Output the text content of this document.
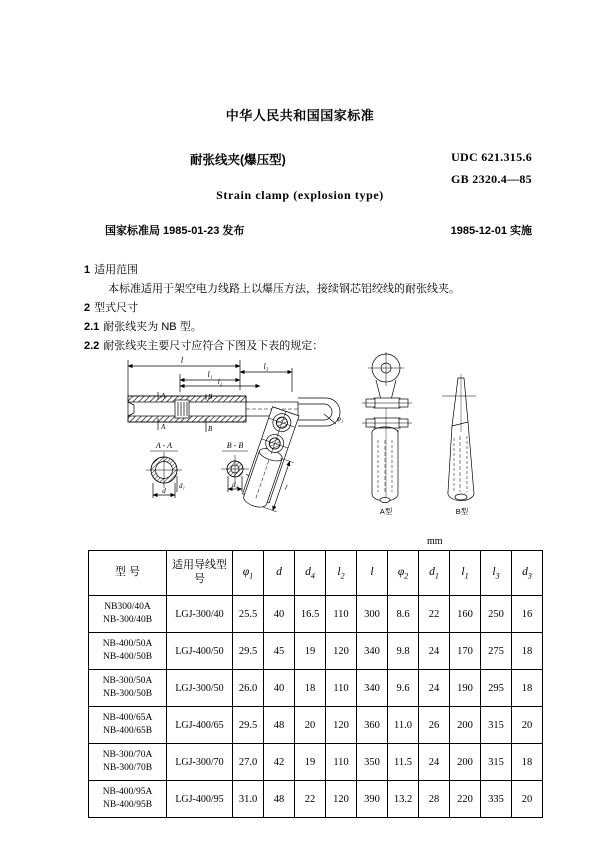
中华人民共和国国家标准
耐张线夹(爆压型)	UDC 621.315.6
GB 2320.4—85
Strain clamp (explosion type)
国家标准局 1985-01-23 发布	1985-12-01 实施
1 适用范围
本标准适用于架空电力线路上以爆压方法，接续钢芯铝绞线的耐张线夹。
2 型式尺寸
2.1 耐张线夹为 NB 型。
2.2 耐张线夹主要尺寸应符合下图及下表的规定：
l
l₃
l₁
l₂
A
A
B
B
φ₂
A - A
d₁
d
B - B
d₄	l
A型	B型
mm
型 号	适用导线型号	$\varphi_1$	d	$d_4$	$l_2$	l	$\varphi_2$	$d_1$	$l_1$	$l_3$	$d_3$
NB300/40A
NB-300/40B	LGJ-300/40	25.5	40	16.5	110	300	8.6	22	160	250	16
NB-400/50A
NB-400/50B	LGJ-400/50	29.5	45	19	120	340	9.8	24	170	275	18
NB-300/50A
NB-300/50B	LGJ-300/50	26.0	40	18	110	340	9.6	24	190	295	18
NB-400/65A
NB-400/65B	LGJ-400/65	29.5	48	20	120	360	11.0	26	200	315	20
NB-300/70A
NB-300/70B	LGJ-300/70	27.0	42	19	110	350	11.5	24	200	315	18
NB-400/95A
NB-400/95B	LGJ-400/95	31.0	48	22	120	390	13.2	28	220	335	20
